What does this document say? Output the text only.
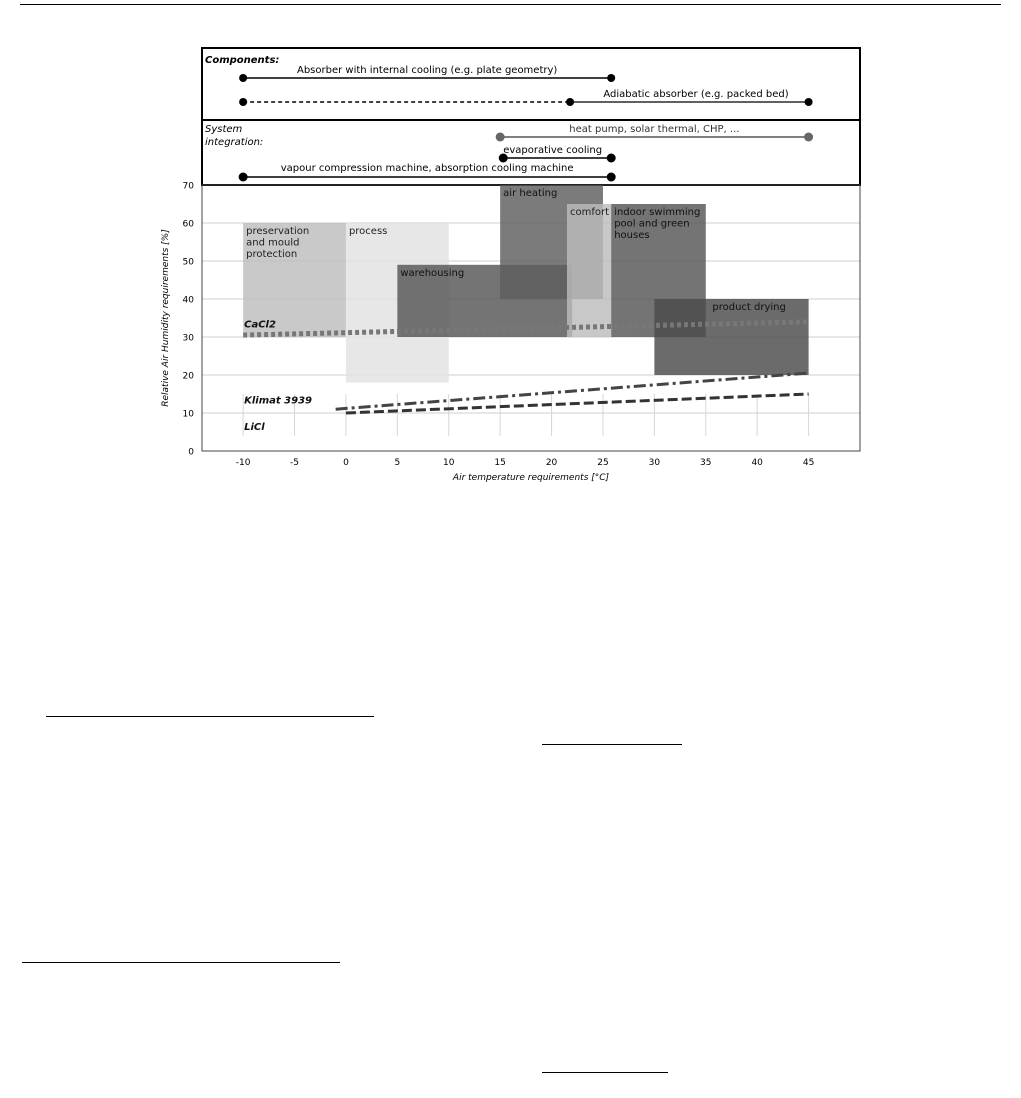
Components:
System
integration:
Absorber with internal cooling (e.g. plate geometry)
Adiabatic absorber (e.g. packed bed)
heat pump, solar thermal, CHP, ...
evaporative cooling
vapour compression machine, absorption cooling machine
preservation and mould protection
process
warehousing
air heating
comfort indoor swimming pool and green houses
product drying
CaCl2
Klimat 3939
LiCl
0
10
20
30
40
50
60
70
-10	-5	0	5	10	15	20	25	30	35	40	45
Air temperature requirements [°C]
Relative Air Humidity requirements [%]
